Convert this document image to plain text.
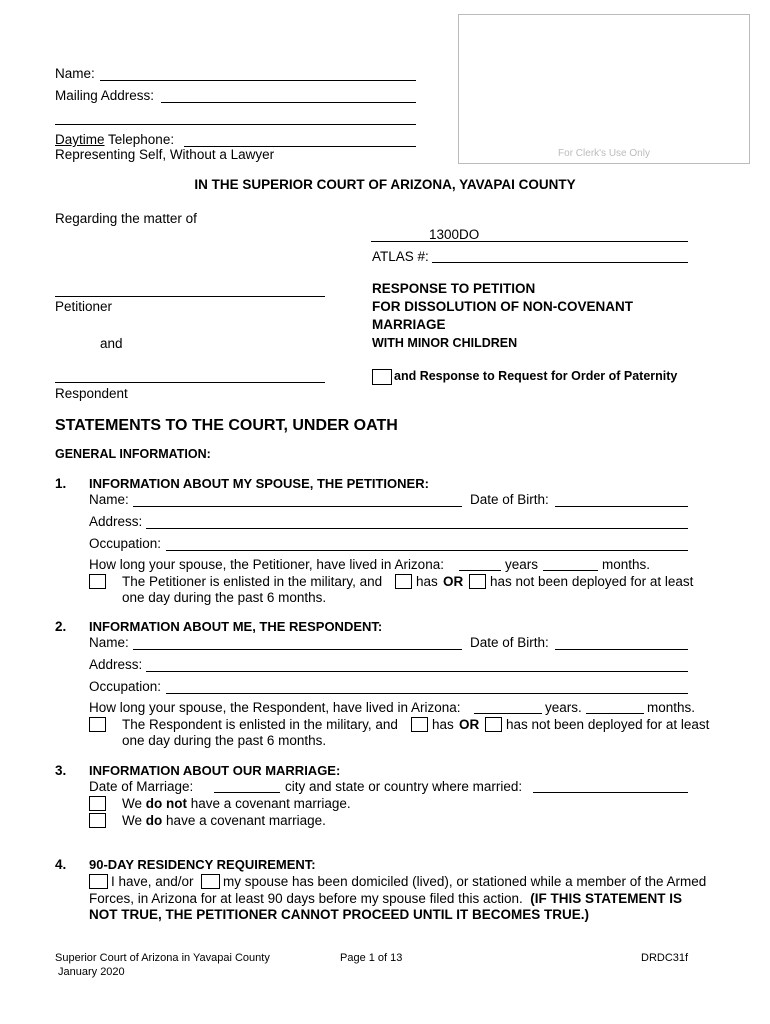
Name:
Mailing Address:
Daytime Telephone:
Representing Self, Without a Lawyer	For Clerk's Use Only
IN THE SUPERIOR COURT OF ARIZONA, YAVAPAI COUNTY
Regarding the matter of
1300DO
ATLAS #:
Petitioner
and
Respondent
RESPONSE TO PETITION
FOR DISSOLUTION OF NON-COVENANT
MARRIAGE
WITH MINOR CHILDREN
and Response to Request for Order of Paternity
STATEMENTS TO THE COURT, UNDER OATH
GENERAL INFORMATION:
1. INFORMATION ABOUT MY SPOUSE, THE PETITIONER:
Name:	Date of Birth:
Address:
Occupation:
How long your spouse, the Petitioner, have lived in Arizona:	years	months.
The Petitioner is enlisted in the military, and	has OR has not been deployed for at least
one day during the past 6 months.
2. INFORMATION ABOUT ME, THE RESPONDENT:
Name:	Date of Birth:
Address:
Occupation:
How long your spouse, the Respondent, have lived in Arizona:	years.	months.
The Respondent is enlisted in the military, and	has OR has not been deployed for at least
one day during the past 6 months.
3. INFORMATION ABOUT OUR MARRIAGE:
Date of Marriage:	city and state or country where married:
We do not have a covenant marriage.
We do have a covenant marriage.
4. 90-DAY RESIDENCY REQUIREMENT:
I have, and/or my spouse has been domiciled (lived), or stationed while a member of the Armed
Forces, in Arizona for at least 90 days before my spouse filed this action. (IF THIS STATEMENT IS
NOT TRUE, THE PETITIONER CANNOT PROCEED UNTIL IT BECOMES TRUE.)
Superior Court of Arizona in Yavapai County
January 2020
Page 1 of 13	DRDC31f
